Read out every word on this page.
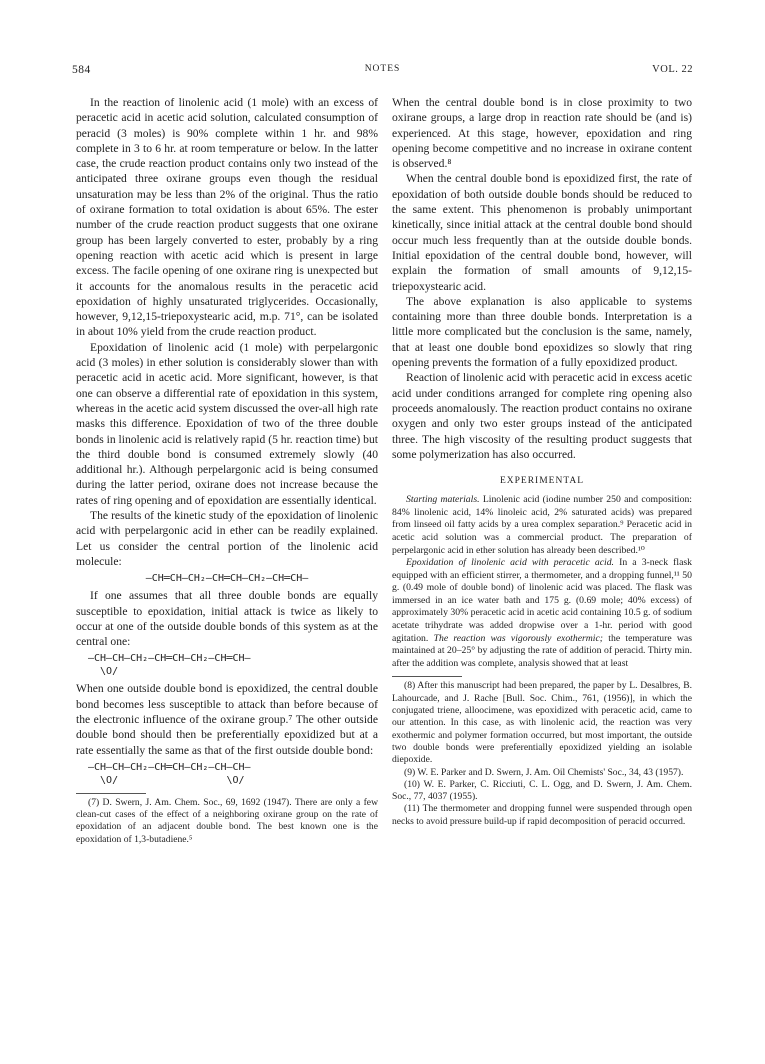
584	NOTES	VOL. 22

In the reaction of linolenic acid (1 mole) with an excess of peracetic acid in acetic acid solution, calculated consumption of peracid (3 moles) is 90% complete within 1 hr. and 98% complete in 3 to 6 hr. at room temperature or below. In the latter case, the crude reaction product contains only two instead of the anticipated three oxirane groups even though the residual unsaturation may be less than 2% of the original. Thus the ratio of oxirane formation to total oxidation is about 65%. The ester number of the crude reaction product suggests that one oxirane group has been largely converted to ester, probably by a ring opening reaction with acetic acid which is present in large excess. The facile opening of one oxirane ring is unexpected but it accounts for the anomalous results in the peracetic acid epoxidation of highly unsaturated triglycerides. Occasionally, however, 9,12,15-triepoxystearic acid, m.p. 71°, can be isolated in about 10% yield from the crude reaction product.

Epoxidation of linolenic acid (1 mole) with perpelargonic acid (3 moles) in ether solution is considerably slower than with peracetic acid in acetic acid. More significant, however, is that one can observe a differential rate of epoxidation in this system, whereas in the acetic acid system discussed the over-all high rate masks this difference. Epoxidation of two of the three double bonds in linolenic acid is relatively rapid (5 hr. reaction time) but the third double bond is consumed extremely slowly (40 additional hr.). Although perpelargonic acid is being consumed during the latter period, oxirane does not increase because the rates of ring opening and of epoxidation are essentially identical.

The results of the kinetic study of the epoxidation of linolenic acid with perpelargonic acid in ether can be readily explained. Let us consider the central portion of the linolenic acid molecule:

—CH═CH—CH₂—CH═CH—CH₂—CH═CH—

If one assumes that all three double bonds are equally susceptible to epoxidation, initial attack is twice as likely to occur at one of the outside double bonds of this system as at the central one:

—CH—CH—CH₂—CH═CH—CH₂—CH═CH—
\O/

When one outside double bond is epoxidized, the central double bond becomes less susceptible to attack than before because of the electronic influence of the oxirane group.⁷ The other outside double bond should then be preferentially epoxidized but at a rate essentially the same as that of the first outside double bond:

—CH—CH—CH₂—CH═CH—CH₂—CH—CH—
\O/                  \O/

(7) D. Swern, J. Am. Chem. Soc., 69, 1692 (1947). There are only a few clean-cut cases of the effect of a neighboring oxirane group on the rate of epoxidation of an adjacent double bond. The best known one is the epoxidation of 1,3-butadiene.⁵

When the central double bond is in close proximity to two oxirane groups, a large drop in reaction rate should be (and is) experienced. At this stage, however, epoxidation and ring opening become competitive and no increase in oxirane content is observed.⁸

When the central double bond is epoxidized first, the rate of epoxidation of both outside double bonds should be reduced to the same extent. This phenomenon is probably unimportant kinetically, since initial attack at the central double bond should occur much less frequently than at the outside double bonds. Initial epoxidation of the central double bond, however, will explain the formation of small amounts of 9,12,15-triepoxystearic acid.

The above explanation is also applicable to systems containing more than three double bonds. Interpretation is a little more complicated but the conclusion is the same, namely, that at least one double bond epoxidizes so slowly that ring opening prevents the formation of a fully epoxidized product.

Reaction of linolenic acid with peracetic acid in excess acetic acid under conditions arranged for complete ring opening also proceeds anomalously. The reaction product contains no oxirane oxygen and only two ester groups instead of the anticipated three. The high viscosity of the resulting product suggests that some polymerization has also occurred.

EXPERIMENTAL

Starting materials. Linolenic acid (iodine number 250 and composition: 84% linolenic acid, 14% linoleic acid, 2% saturated acids) was prepared from linseed oil fatty acids by a urea complex separation.⁹ Peracetic acid in acetic acid solution was a commercial product. The preparation of perpelargonic acid in ether solution has already been described.¹⁰

Epoxidation of linolenic acid with peracetic acid. In a 3-neck flask equipped with an efficient stirrer, a thermometer, and a dropping funnel,¹¹ 50 g. (0.49 mole of double bond) of linolenic acid was placed. The flask was immersed in an ice water bath and 175 g. (0.69 mole; 40% excess) of approximately 30% peracetic acid in acetic acid containing 10.5 g. of sodium acetate trihydrate was added dropwise over a 1-hr. period with good agitation. The reaction was vigorously exothermic; the temperature was maintained at 20–25° by adjusting the rate of addition of peracid. Thirty min. after the addition was complete, analysis showed that at least

(8) After this manuscript had been prepared, the paper by L. Desalbres, B. Lahourcade, and J. Rache [Bull. Soc. Chim., 761, (1956)], in which the conjugated triene, alloocimene, was epoxidized with peracetic acid, came to our attention. In this case, as with linolenic acid, the reaction was very exothermic and polymer formation occurred, but most important, the outside two double bonds were preferentially epoxidized yielding an isolable diepoxide.

(9) W. E. Parker and D. Swern, J. Am. Oil Chemists' Soc., 34, 43 (1957).

(10) W. E. Parker, C. Ricciuti, C. L. Ogg, and D. Swern, J. Am. Chem. Soc., 77, 4037 (1955).

(11) The thermometer and dropping funnel were suspended through open necks to avoid pressure build-up if rapid decomposition of peracid occurred.
